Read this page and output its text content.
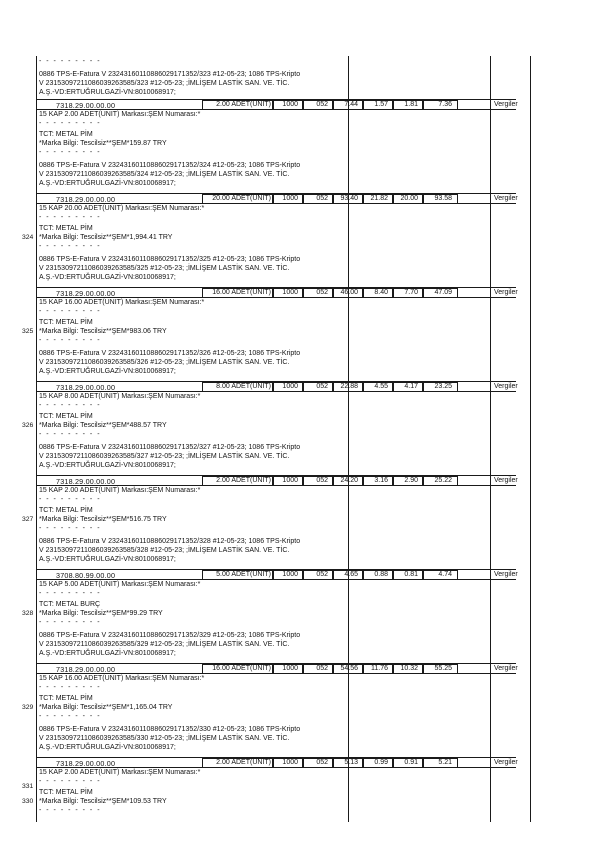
- - - - - - - - -
0886 TPS-E-Fatura V 23243160110886029171352/323 #12-05-23; 1086 TPS-Kripto
V 23153097211086039263585/323 #12-05-23; ;İMLİŞEM LASTİK SAN. VE. TİC.
A.Ş.-VD:ERTUĞRULGAZİ-VN:8010068917;
7318.29.00.00.00	2.00 ADET(UNIT)	1000	052	7.44	1.57	1.81	7.36	Vergiler
15 KAP 2.00 ADET(UNIT) Markası:ŞEM Numarası:*
- - - - - - - - -
TCT: METAL PİM
*Marka Bilgi: Tescilsiz**ŞEM*159.87 TRY
- - - - - - - - -
0886 TPS-E-Fatura V 23243160110886029171352/324 #12-05-23; 1086 TPS-Kripto
V 23153097211086039263585/324 #12-05-23; ;İMLİŞEM LASTİK SAN. VE. TİC.
A.Ş.-VD:ERTUĞRULGAZİ-VN:8010068917;
7318.29.00.00.00	20.00 ADET(UNIT)	1000	052	93.40	21.82	20.00	93.58	Vergiler
15 KAP 20.00 ADET(UNIT) Markası:ŞEM Numarası:*
- - - - - - - - -
TCT: METAL PİM
*Marka Bilgi: Tescilsiz**ŞEM*1,994.41 TRY
324
- - - - - - - - -
0886 TPS-E-Fatura V 23243160110886029171352/325 #12-05-23; 1086 TPS-Kripto
V 23153097211086039263585/325 #12-05-23; ;İMLİŞEM LASTİK SAN. VE. TİC.
A.Ş.-VD:ERTUĞRULGAZİ-VN:8010068917;
7318.29.00.00.00	16.00 ADET(UNIT)	1000	052	46.00	8.40	7.70	47.09	Vergiler
15 KAP 16.00 ADET(UNIT) Markası:ŞEM Numarası:*
- - - - - - - - -
TCT: METAL PİM
*Marka Bilgi: Tescilsiz**ŞEM*983.06 TRY
325
- - - - - - - - -
0886 TPS-E-Fatura V 23243160110886029171352/326 #12-05-23; 1086 TPS-Kripto
V 23153097211086039263585/326 #12-05-23; ;İMLİŞEM LASTİK SAN. VE. TİC.
A.Ş.-VD:ERTUĞRULGAZİ-VN:8010068917;
7318.29.00.00.00	8.00 ADET(UNIT)	1000	052	22.88	4.55	4.17	23.25	Vergiler
15 KAP 8.00 ADET(UNIT) Markası:ŞEM Numarası:*
- - - - - - - - -
TCT: METAL PİM
*Marka Bilgi: Tescilsiz**ŞEM*488.57 TRY
326
- - - - - - - - -
0886 TPS-E-Fatura V 23243160110886029171352/327 #12-05-23; 1086 TPS-Kripto
V 23153097211086039263585/327 #12-05-23; ;İMLİŞEM LASTİK SAN. VE. TİC.
A.Ş.-VD:ERTUĞRULGAZİ-VN:8010068917;
7318.29.00.00.00	2.00 ADET(UNIT)	1000	052	24.20	3.16	2.90	25.22	Vergiler
15 KAP 2.00 ADET(UNIT) Markası:ŞEM Numarası:*
- - - - - - - - -
TCT: METAL PİM
*Marka Bilgi: Tescilsiz**ŞEM*516.75 TRY
327
- - - - - - - - -
0886 TPS-E-Fatura V 23243160110886029171352/328 #12-05-23; 1086 TPS-Kripto
V 23153097211086039263585/328 #12-05-23; ;İMLİŞEM LASTİK SAN. VE. TİC.
A.Ş.-VD:ERTUĞRULGAZİ-VN:8010068917;
3708.80.99.00.00	5.00 ADET(UNIT)	1000	052	4.65	0.88	0.81	4.74	Vergiler
15 KAP 5.00 ADET(UNIT) Markası:ŞEM Numarası:*
- - - - - - - - -
TCT: METAL BURÇ
*Marka Bilgi: Tescilsiz**ŞEM*99.29 TRY
328
- - - - - - - - -
0886 TPS-E-Fatura V 23243160110886029171352/329 #12-05-23; 1086 TPS-Kripto
V 23153097211086039263585/329 #12-05-23; ;İMLİŞEM LASTİK SAN. VE. TİC.
A.Ş.-VD:ERTUĞRULGAZİ-VN:8010068917;
7318.29.00.00.00	16.00 ADET(UNIT)	1000	052	54.56	11.76	10.32	55.25	Vergiler
15 KAP 16.00 ADET(UNIT) Markası:ŞEM Numarası:*
- - - - - - - - -
TCT: METAL PİM
*Marka Bilgi: Tescilsiz**ŞEM*1,165.04 TRY
329
- - - - - - - - -
0886 TPS-E-Fatura V 23243160110886029171352/330 #12-05-23; 1086 TPS-Kripto
V 23153097211086039263585/330 #12-05-23; ;İMLİŞEM LASTİK SAN. VE. TİC.
A.Ş.-VD:ERTUĞRULGAZİ-VN:8010068917;
7318.29.00.00.00	2.00 ADET(UNIT)	1000	052	5.13	0.99	0.91	5.21	Vergiler
15 KAP 2.00 ADET(UNIT) Markası:ŞEM Numarası:*
- - - - - - - - -
TCT: METAL PİM
*Marka Bilgi: Tescilsiz**ŞEM*109.53 TRY
330
- - - - - - - - -
331
